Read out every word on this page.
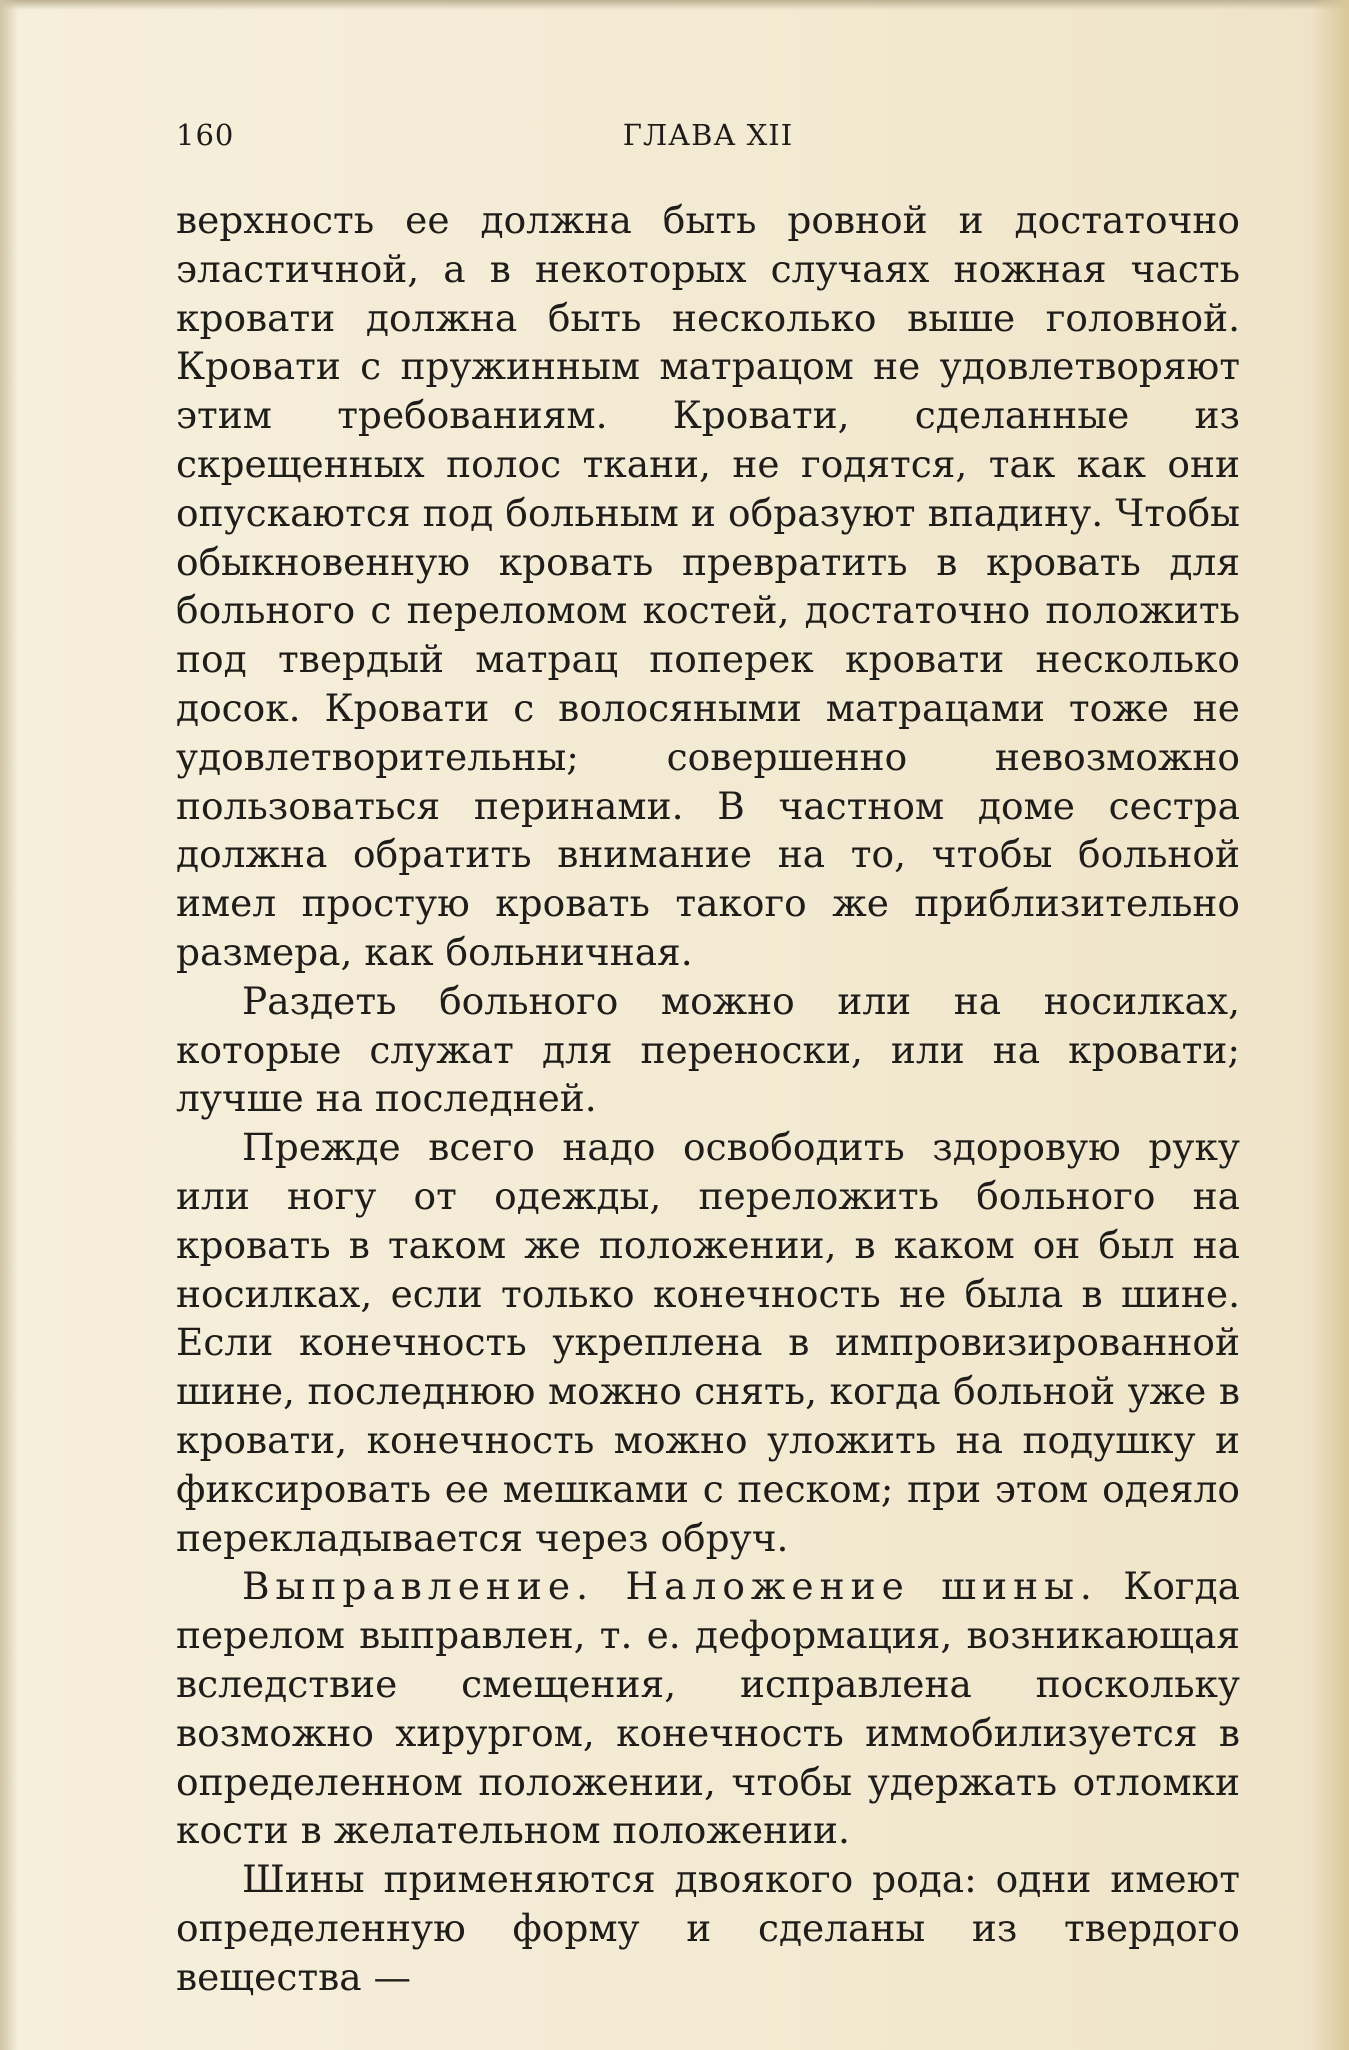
160	ГЛАВА XII

верхность ее должна быть ровной и достаточно эластичной, а в некоторых случаях ножная часть кровати должна быть несколько выше головной. Кровати с пружинным матрацом не удовлетворяют этим требованиям. Кровати, сделанные из скрещенных полос ткани, не годятся, так как они опускаются под больным и образуют впадину. Чтобы обыкновенную кровать превратить в кровать для больного с переломом костей, достаточно положить под твердый матрац поперек кровати несколько досок. Кровати с волосяными матрацами тоже не удовлетворительны; совершенно невозможно пользоваться перинами. В частном доме сестра должна обратить внимание на то, чтобы больной имел простую кровать такого же приблизительно размера, как больничная.

Раздеть больного можно или на носилках, которые служат для переноски, или на кровати; лучше на последней.

Прежде всего надо освободить здоровую руку или ногу от одежды, переложить больного на кровать в таком же положении, в каком он был на носилках, если только конечность не была в шине. Если конечность укреплена в импровизированной шине, последнюю можно снять, когда больной уже в кровати, конечность можно уложить на подушку и фиксировать ее мешками с песком; при этом одеяло перекладывается через обруч.

Выправление. Наложение шины. Когда перелом выправлен, т. е. деформация, возникающая вследствие смещения, исправлена поскольку возможно хирургом, конечность иммобилизуется в определенном положении, чтобы удержать отломки кости в желательном положении.

Шины применяются двоякого рода: одни имеют определенную форму и сделаны из твердого вещества —
